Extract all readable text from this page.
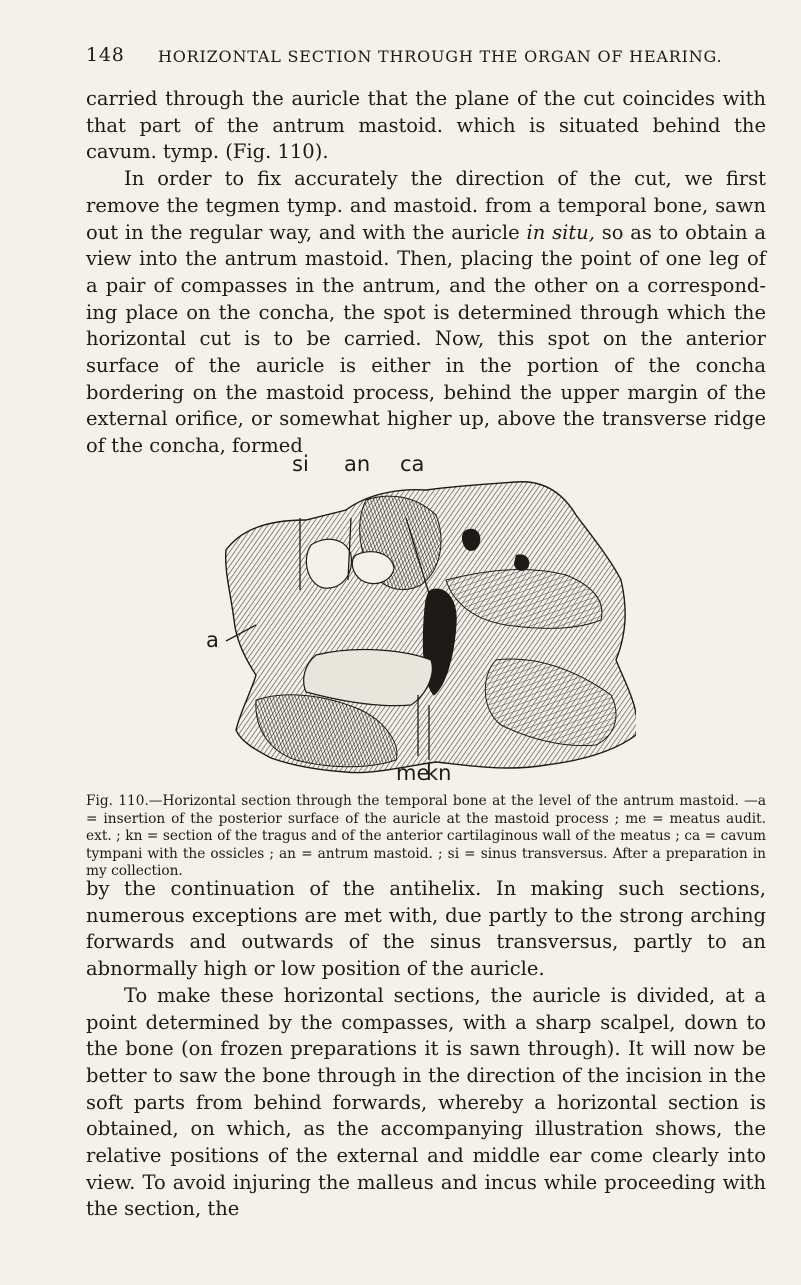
148 HORIZONTAL SECTION THROUGH THE ORGAN OF HEARING.

carried through the auricle that the plane of the cut coincides with that part of the antrum mastoid. which is situated behind the cavum. tymp. (Fig. 110).

In order to fix accurately the direction of the cut, we first remove the tegmen tymp. and mastoid. from a temporal bone, sawn out in the regular way, and with the auricle in situ, so as to obtain a view into the antrum mastoid. Then, placing the point of one leg of a pair of compasses in the antrum, and the other on a correspond- ing place on the concha, the spot is determined through which the horizontal cut is to be carried. Now, this spot on the anterior surface of the auricle is either in the portion of the concha bordering on the mastoid process, behind the upper margin of the external orifice, or somewhat higher up, above the transverse ridge of the concha, formed

si an ca
a
me
kn
Fig. 110.—Horizontal section through the temporal bone at the level of the antrum mastoid. —a = insertion of the posterior surface of the auricle at the mastoid process ; me = meatus audit. ext. ; kn = section of the tragus and of the anterior cartilaginous wall of the meatus ; ca = cavum tympani with the ossicles ; an = antrum mastoid. ; si = sinus transversus. After a preparation in my collection.

by the continuation of the antihelix. In making such sections, numerous exceptions are met with, due partly to the strong arching forwards and outwards of the sinus transversus, partly to an abnormally high or low position of the auricle.

To make these horizontal sections, the auricle is divided, at a point determined by the compasses, with a sharp scalpel, down to the bone (on frozen preparations it is sawn through). It will now be better to saw the bone through in the direction of the incision in the soft parts from behind forwards, whereby a horizontal section is obtained, on which, as the accompanying illustration shows, the relative positions of the external and middle ear come clearly into view. To avoid injuring the malleus and incus while proceeding with the section, the
